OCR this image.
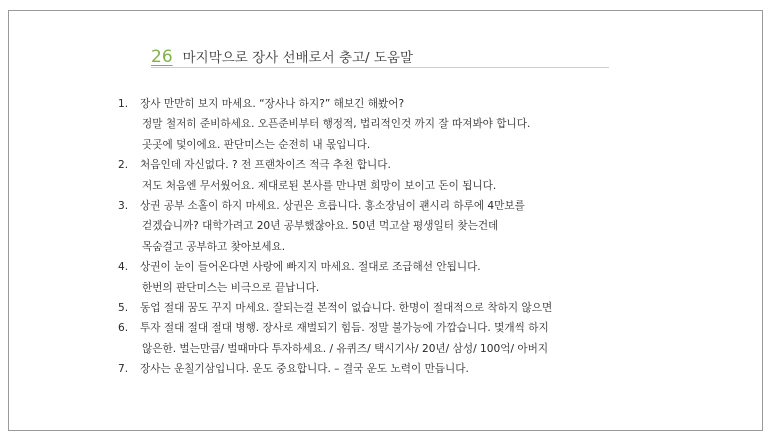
26 마지막으로 장사 선배로서 충고/ 도움말
1.	장사 만만히 보지 마세요. “장사나 하지?” 해보긴 해봤어?
정말 철저히 준비하세요. 오픈준비부터 행정적, 법리적인것 까지 잘 따져봐야 합니다.
곳곳에 덫이에요. 판단미스는 순전히 내 몫입니다.
2.	처음인데 자신없다. ? 전 프랜차이즈 적극 추천 합니다.
저도 처음엔 무서웠어요. 제대로된 본사를 만나면 희망이 보이고 돈이 됩니다.
3.	상권 공부 소홀이 하지 마세요. 상권은 흐릅니다. 홍소장님이 괜시리 하루에 4만보를
걷겠습니까? 대학가려고 20년 공부했잖아요. 50년 먹고살 평생일터 찾는건데
목숨걸고 공부하고 찾아보세요.
4.	상권이 눈이 들어온다면 사랑에 빠지지 마세요. 절대로 조급해선 안됩니다.
한번의 판단미스는 비극으로 끝납니다.
5.	동업 절대 꿈도 꾸지 마세요. 잘되는걸 본적이 없습니다. 한명이 절대적으로 착하지 않으면
6.	투자 절대 절대 절대 병행. 장사로 재벌되기 힘듬. 정말 불가능에 가깝습니다. 몇개씩 하지
않은한. 벌는만큼/ 벌때마다 투자하세요. / 유퀴즈/ 택시기사/ 20년/ 삼성/ 100억/ 아버지
7.	장사는 운칠기삼입니다. 운도 중요합니다. – 결국 운도 노력이 만듭니다.
